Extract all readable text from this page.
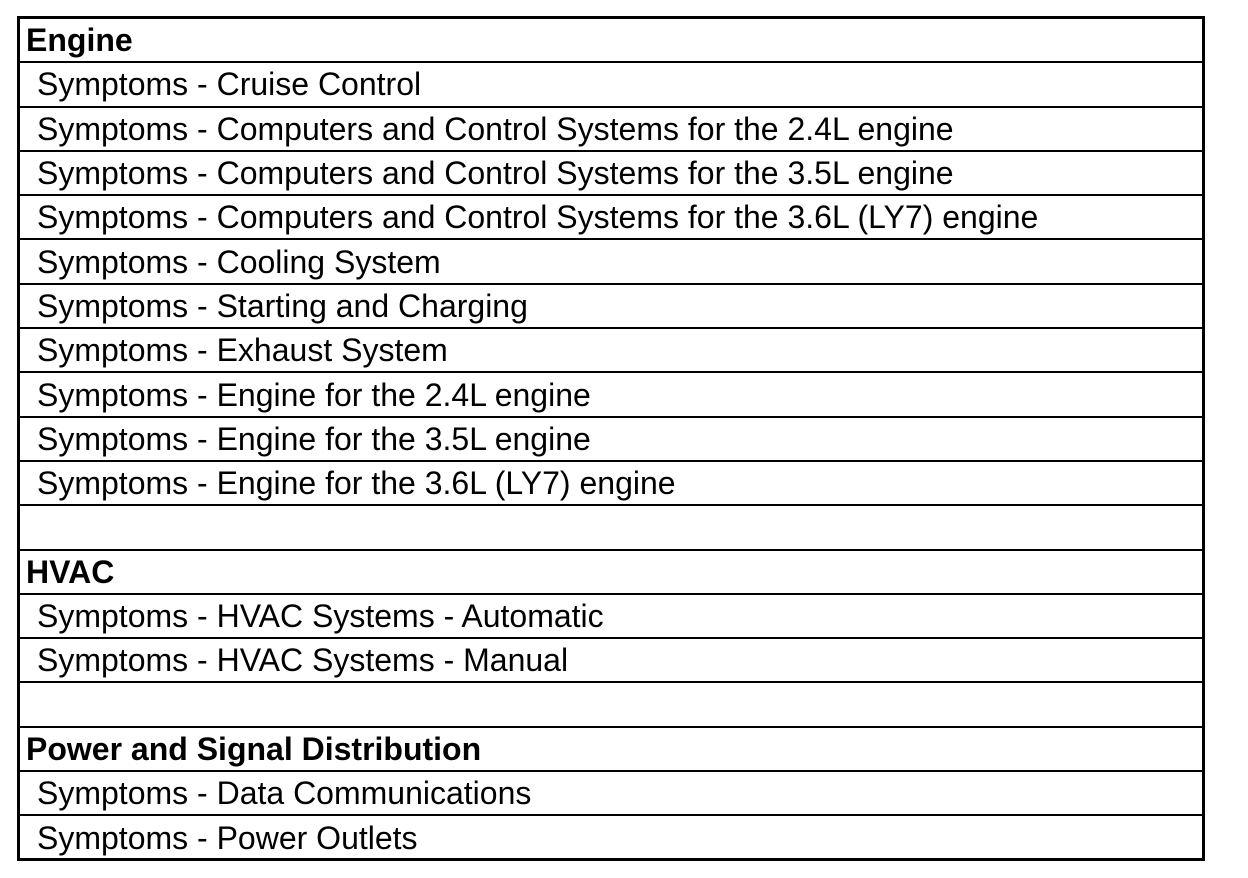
Engine
Symptoms - Cruise Control
Symptoms - Computers and Control Systems for the 2.4L engine
Symptoms - Computers and Control Systems for the 3.5L engine
Symptoms - Computers and Control Systems for the 3.6L (LY7) engine
Symptoms - Cooling System
Symptoms - Starting and Charging
Symptoms - Exhaust System
Symptoms - Engine for the 2.4L engine
Symptoms - Engine for the 3.5L engine
Symptoms - Engine for the 3.6L (LY7) engine
HVAC
Symptoms - HVAC Systems - Automatic
Symptoms - HVAC Systems - Manual
Power and Signal Distribution
Symptoms - Data Communications
Symptoms - Power Outlets
